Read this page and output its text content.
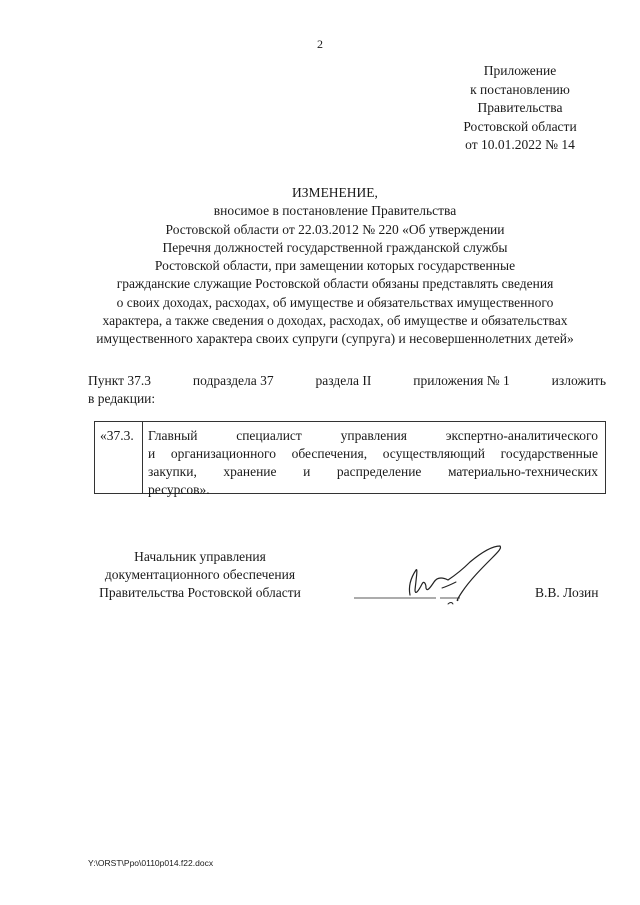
2
Приложение
к постановлению
Правительства
Ростовской области
от 10.01.2022 № 14
ИЗМЕНЕНИЕ,
вносимое в постановление Правительства
Ростовской области от 22.03.2012 № 220 «Об утверждении
Перечня должностей государственной гражданской службы
Ростовской области, при замещении которых государственные
гражданские служащие Ростовской области обязаны представлять сведения
о своих доходах, расходах, об имуществе и обязательствах имущественного
характера, а также сведения о доходах, расходах, об имуществе и обязательствах
имущественного характера своих супруги (супруга) и несовершеннолетних детей»
Пункт 37.3	подраздела 37	раздела II	приложения № 1	изложить
в редакции:
«37.3. Главный	специалист	управления	экспертно-аналитического
и организационного обеспечения, осуществляющий государственные
закупки, хранение и распределение материально-технических
ресурсов».
Начальник управления
документационного обеспечения
Правительства Ростовской области	В.В. Лозин
Y:\ORST\Ppo\0110p014.f22.docx
